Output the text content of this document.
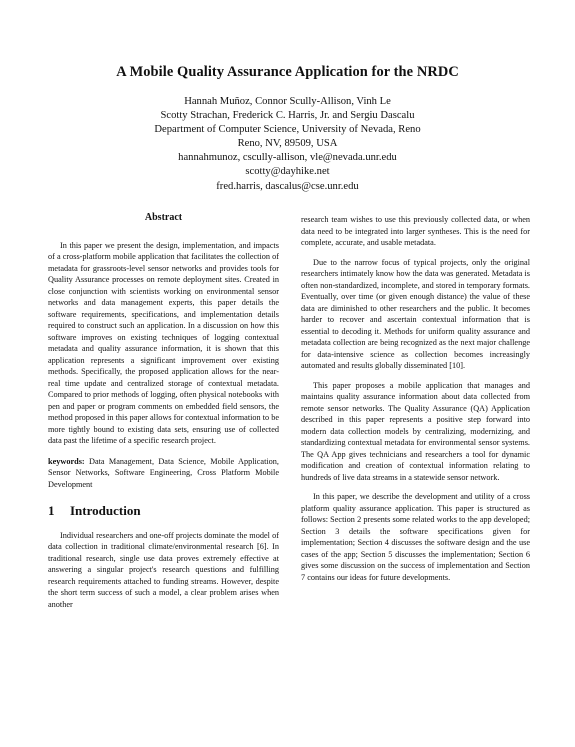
A Mobile Quality Assurance Application for the NRDC
Hannah Muñoz, Connor Scully-Allison, Vinh Le
Scotty Strachan, Frederick C. Harris, Jr. and Sergiu Dascalu
Department of Computer Science, University of Nevada, Reno
Reno, NV, 89509, USA
hannahmunoz, cscully-allison, vle@nevada.unr.edu
scotty@dayhike.net
fred.harris, dascalus@cse.unr.edu
Abstract

In this paper we present the design, implementation, and impacts of a cross-platform mobile application that facilitates the collection of metadata for grassroots-level sensor networks and provides tools for Quality Assurance processes on remote deployment sites. Created in close conjunction with scientists working on environmental sensor networks and data management experts, this paper details the software requirements, specifications, and implementation details required to construct such an application. In a discussion on how this software improves on existing techniques of logging contextual metadata and quality assurance information, it is shown that this application represents a significant improvement over existing methods. Specifically, the proposed application allows for the near-real time update and centralized storage of contextual metadata. Compared to prior methods of logging, often physical notebooks with pen and paper or program comments on embedded field sensors, the method proposed in this paper allows for contextual information to be more tightly bound to existing data sets, ensuring use of collected data past the lifetime of a specific research project.

keywords: Data Management, Data Science, Mobile Application, Sensor Networks, Software Engineering, Cross Platform Mobile Development

1 Introduction

Individual researchers and one-off projects dominate the model of data collection in traditional climate/environmental research [6]. In traditional research, single use data proves extremely effective at answering a singular project's research questions and fulfilling research requirements attached to funding streams. However, despite the short term success of such a model, a clear problem arises when another

research team wishes to use this previously collected data, or when data need to be integrated into larger syntheses. This is the need for complete, accurate, and usable metadata.

Due to the narrow focus of typical projects, only the original researchers intimately know how the data was generated. Metadata is often non-standardized, incomplete, and stored in temporary formats. Eventually, over time (or given enough distance) the value of these data are diminished to other researchers and the public. It becomes harder to recover and ascertain contextual information that is essential to decoding it. Methods for uniform quality assurance and metadata collection are being recognized as the next major challenge for data-intensive science as collection becomes increasingly automated and results globally disseminated [10].

This paper proposes a mobile application that manages and maintains quality assurance information about data collected from remote sensor networks. The Quality Assurance (QA) Application described in this paper represents a positive step forward into modern data collection models by centralizing, modernizing, and standardizing contextual metadata for environmental sensor systems. The QA App gives technicians and researchers a tool for dynamic modification and creation of contextual information relating to hundreds of live data streams in a statewide sensor network.

In this paper, we describe the development and utility of a cross platform quality assurance application. This paper is structured as follows: Section 2 presents some related works to the app developed; Section 3 details the software specifications given for implementation; Section 4 discusses the software design and the use cases of the app; Section 5 discusses the implementation; Section 6 gives some discussion on the success of implementation and Section 7 contains our ideas for future developments.
